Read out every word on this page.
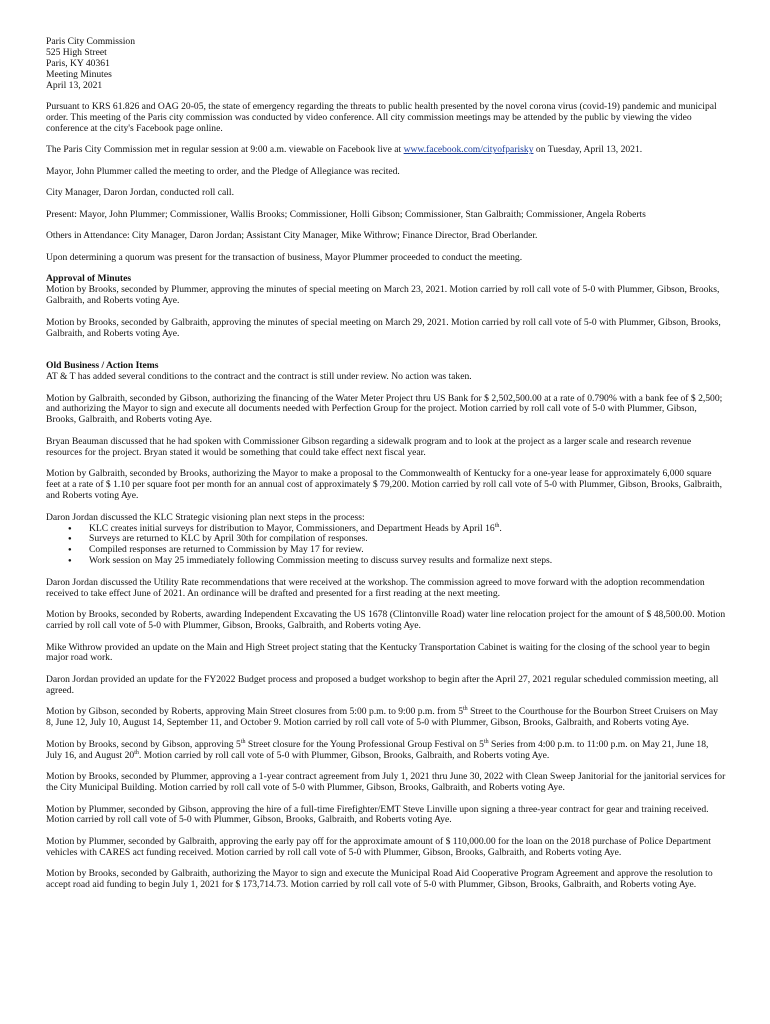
Paris City Commission
525 High Street
Paris, KY 40361
Meeting Minutes
April 13, 2021

Pursuant to KRS 61.826 and OAG 20-05, the state of emergency regarding the threats to public health presented by the novel corona virus (covid-19) pandemic and municipal order. This meeting of the Paris city commission was conducted by video conference. All city commission meetings may be attended by the public by viewing the video conference at the city's Facebook page online.

The Paris City Commission met in regular session at 9:00 a.m. viewable on Facebook live at www.facebook.com/cityofparisky on Tuesday, April 13, 2021.

Mayor, John Plummer called the meeting to order, and the Pledge of Allegiance was recited.

City Manager, Daron Jordan, conducted roll call.

Present: Mayor, John Plummer; Commissioner, Wallis Brooks; Commissioner, Holli Gibson; Commissioner, Stan Galbraith; Commissioner, Angela Roberts

Others in Attendance: City Manager, Daron Jordan; Assistant City Manager, Mike Withrow; Finance Director, Brad Oberlander.

Upon determining a quorum was present for the transaction of business, Mayor Plummer proceeded to conduct the meeting.

Approval of Minutes

Motion by Brooks, seconded by Plummer, approving the minutes of special meeting on March 23, 2021. Motion carried by roll call vote of 5-0 with Plummer, Gibson, Brooks, Galbraith, and Roberts voting Aye.

Motion by Brooks, seconded by Galbraith, approving the minutes of special meeting on March 29, 2021. Motion carried by roll call vote of 5-0 with Plummer, Gibson, Brooks, Galbraith, and Roberts voting Aye.

Old Business / Action Items

AT & T has added several conditions to the contract and the contract is still under review. No action was taken.

Motion by Galbraith, seconded by Gibson, authorizing the financing of the Water Meter Project thru US Bank for $ 2,502,500.00 at a rate of 0.790% with a bank fee of $ 2,500; and authorizing the Mayor to sign and execute all documents needed with Perfection Group for the project. Motion carried by roll call vote of 5-0 with Plummer, Gibson, Brooks, Galbraith, and Roberts voting Aye.

Bryan Beauman discussed that he had spoken with Commissioner Gibson regarding a sidewalk program and to look at the project as a larger scale and research revenue resources for the project. Bryan stated it would be something that could take effect next fiscal year.

Motion by Galbraith, seconded by Brooks, authorizing the Mayor to make a proposal to the Commonwealth of Kentucky for a one-year lease for approximately 6,000 square feet at a rate of $ 1.10 per square foot per month for an annual cost of approximately $ 79,200. Motion carried by roll call vote of 5-0 with Plummer, Gibson, Brooks, Galbraith, and Roberts voting Aye.

Daron Jordan discussed the KLC Strategic visioning plan next steps in the process:
● KLC creates initial surveys for distribution to Mayor, Commissioners, and Department Heads by April 16th.
● Surveys are returned to KLC by April 30th for compilation of responses.
● Compiled responses are returned to Commission by May 17 for review.
● Work session on May 25 immediately following Commission meeting to discuss survey results and formalize next steps.

Daron Jordan discussed the Utility Rate recommendations that were received at the workshop. The commission agreed to move forward with the adoption recommendation received to take effect June of 2021. An ordinance will be drafted and presented for a first reading at the next meeting.

Motion by Brooks, seconded by Roberts, awarding Independent Excavating the US 1678 (Clintonville Road) water line relocation project for the amount of $ 48,500.00. Motion carried by roll call vote of 5-0 with Plummer, Gibson, Brooks, Galbraith, and Roberts voting Aye.

Mike Withrow provided an update on the Main and High Street project stating that the Kentucky Transportation Cabinet is waiting for the closing of the school year to begin major road work.

Daron Jordan provided an update for the FY2022 Budget process and proposed a budget workshop to begin after the April 27, 2021 regular scheduled commission meeting, all agreed.

Motion by Gibson, seconded by Roberts, approving Main Street closures from 5:00 p.m. to 9:00 p.m. from 5th Street to the Courthouse for the Bourbon Street Cruisers on May 8, June 12, July 10, August 14, September 11, and October 9. Motion carried by roll call vote of 5-0 with Plummer, Gibson, Brooks, Galbraith, and Roberts voting Aye.

Motion by Brooks, second by Gibson, approving 5th Street closure for the Young Professional Group Festival on 5th Series from 4:00 p.m. to 11:00 p.m. on May 21, June 18, July 16, and August 20th. Motion carried by roll call vote of 5-0 with Plummer, Gibson, Brooks, Galbraith, and Roberts voting Aye.

Motion by Brooks, seconded by Plummer, approving a 1-year contract agreement from July 1, 2021 thru June 30, 2022 with Clean Sweep Janitorial for the janitorial services for the City Municipal Building. Motion carried by roll call vote of 5-0 with Plummer, Gibson, Brooks, Galbraith, and Roberts voting Aye.

Motion by Plummer, seconded by Gibson, approving the hire of a full-time Firefighter/EMT Steve Linville upon signing a three-year contract for gear and training received. Motion carried by roll call vote of 5-0 with Plummer, Gibson, Brooks, Galbraith, and Roberts voting Aye.

Motion by Plummer, seconded by Galbraith, approving the early pay off for the approximate amount of $ 110,000.00 for the loan on the 2018 purchase of Police Department vehicles with CARES act funding received. Motion carried by roll call vote of 5-0 with Plummer, Gibson, Brooks, Galbraith, and Roberts voting Aye.

Motion by Brooks, seconded by Galbraith, authorizing the Mayor to sign and execute the Municipal Road Aid Cooperative Program Agreement and approve the resolution to accept road aid funding to begin July 1, 2021 for $ 173,714.73. Motion carried by roll call vote of 5-0 with Plummer, Gibson, Brooks, Galbraith, and Roberts voting Aye.
